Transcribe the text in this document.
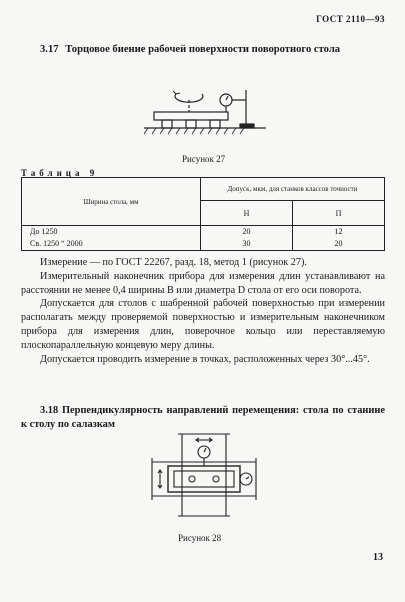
ГОСТ 2110—93
3.17 Торцовое биение рабочей поверхности поворотного стола
Рисунок 27
Таблица 9
Ширина стола, мм	Допуск, мкм, для станков классов точности	
	Н	П
До 1250	20	12
Св. 1250 “ 2000	30	20

Измерение — по ГОСТ 22267, разд. 18, метод 1 (рисунок 27).

Измерительный наконечник прибора для измерения длин устанавливают на расстоянии не менее 0,4 ширины B или диаметра D стола от его оси поворота.

Допускается для столов с шабренной рабочей поверхностью при измерении располагать между проверяемой поверхностью и измерительным наконечником прибора для измерения длин, поверочное кольцо или переставляемую плоскопараллельную концевую меру длины.

Допускается проводить измерение в точках, расположенных через 30°...45°.

3.18 Перпендикулярность направлений перемещения: стола по станине к столу по салазкам
Рисунок 28
13
